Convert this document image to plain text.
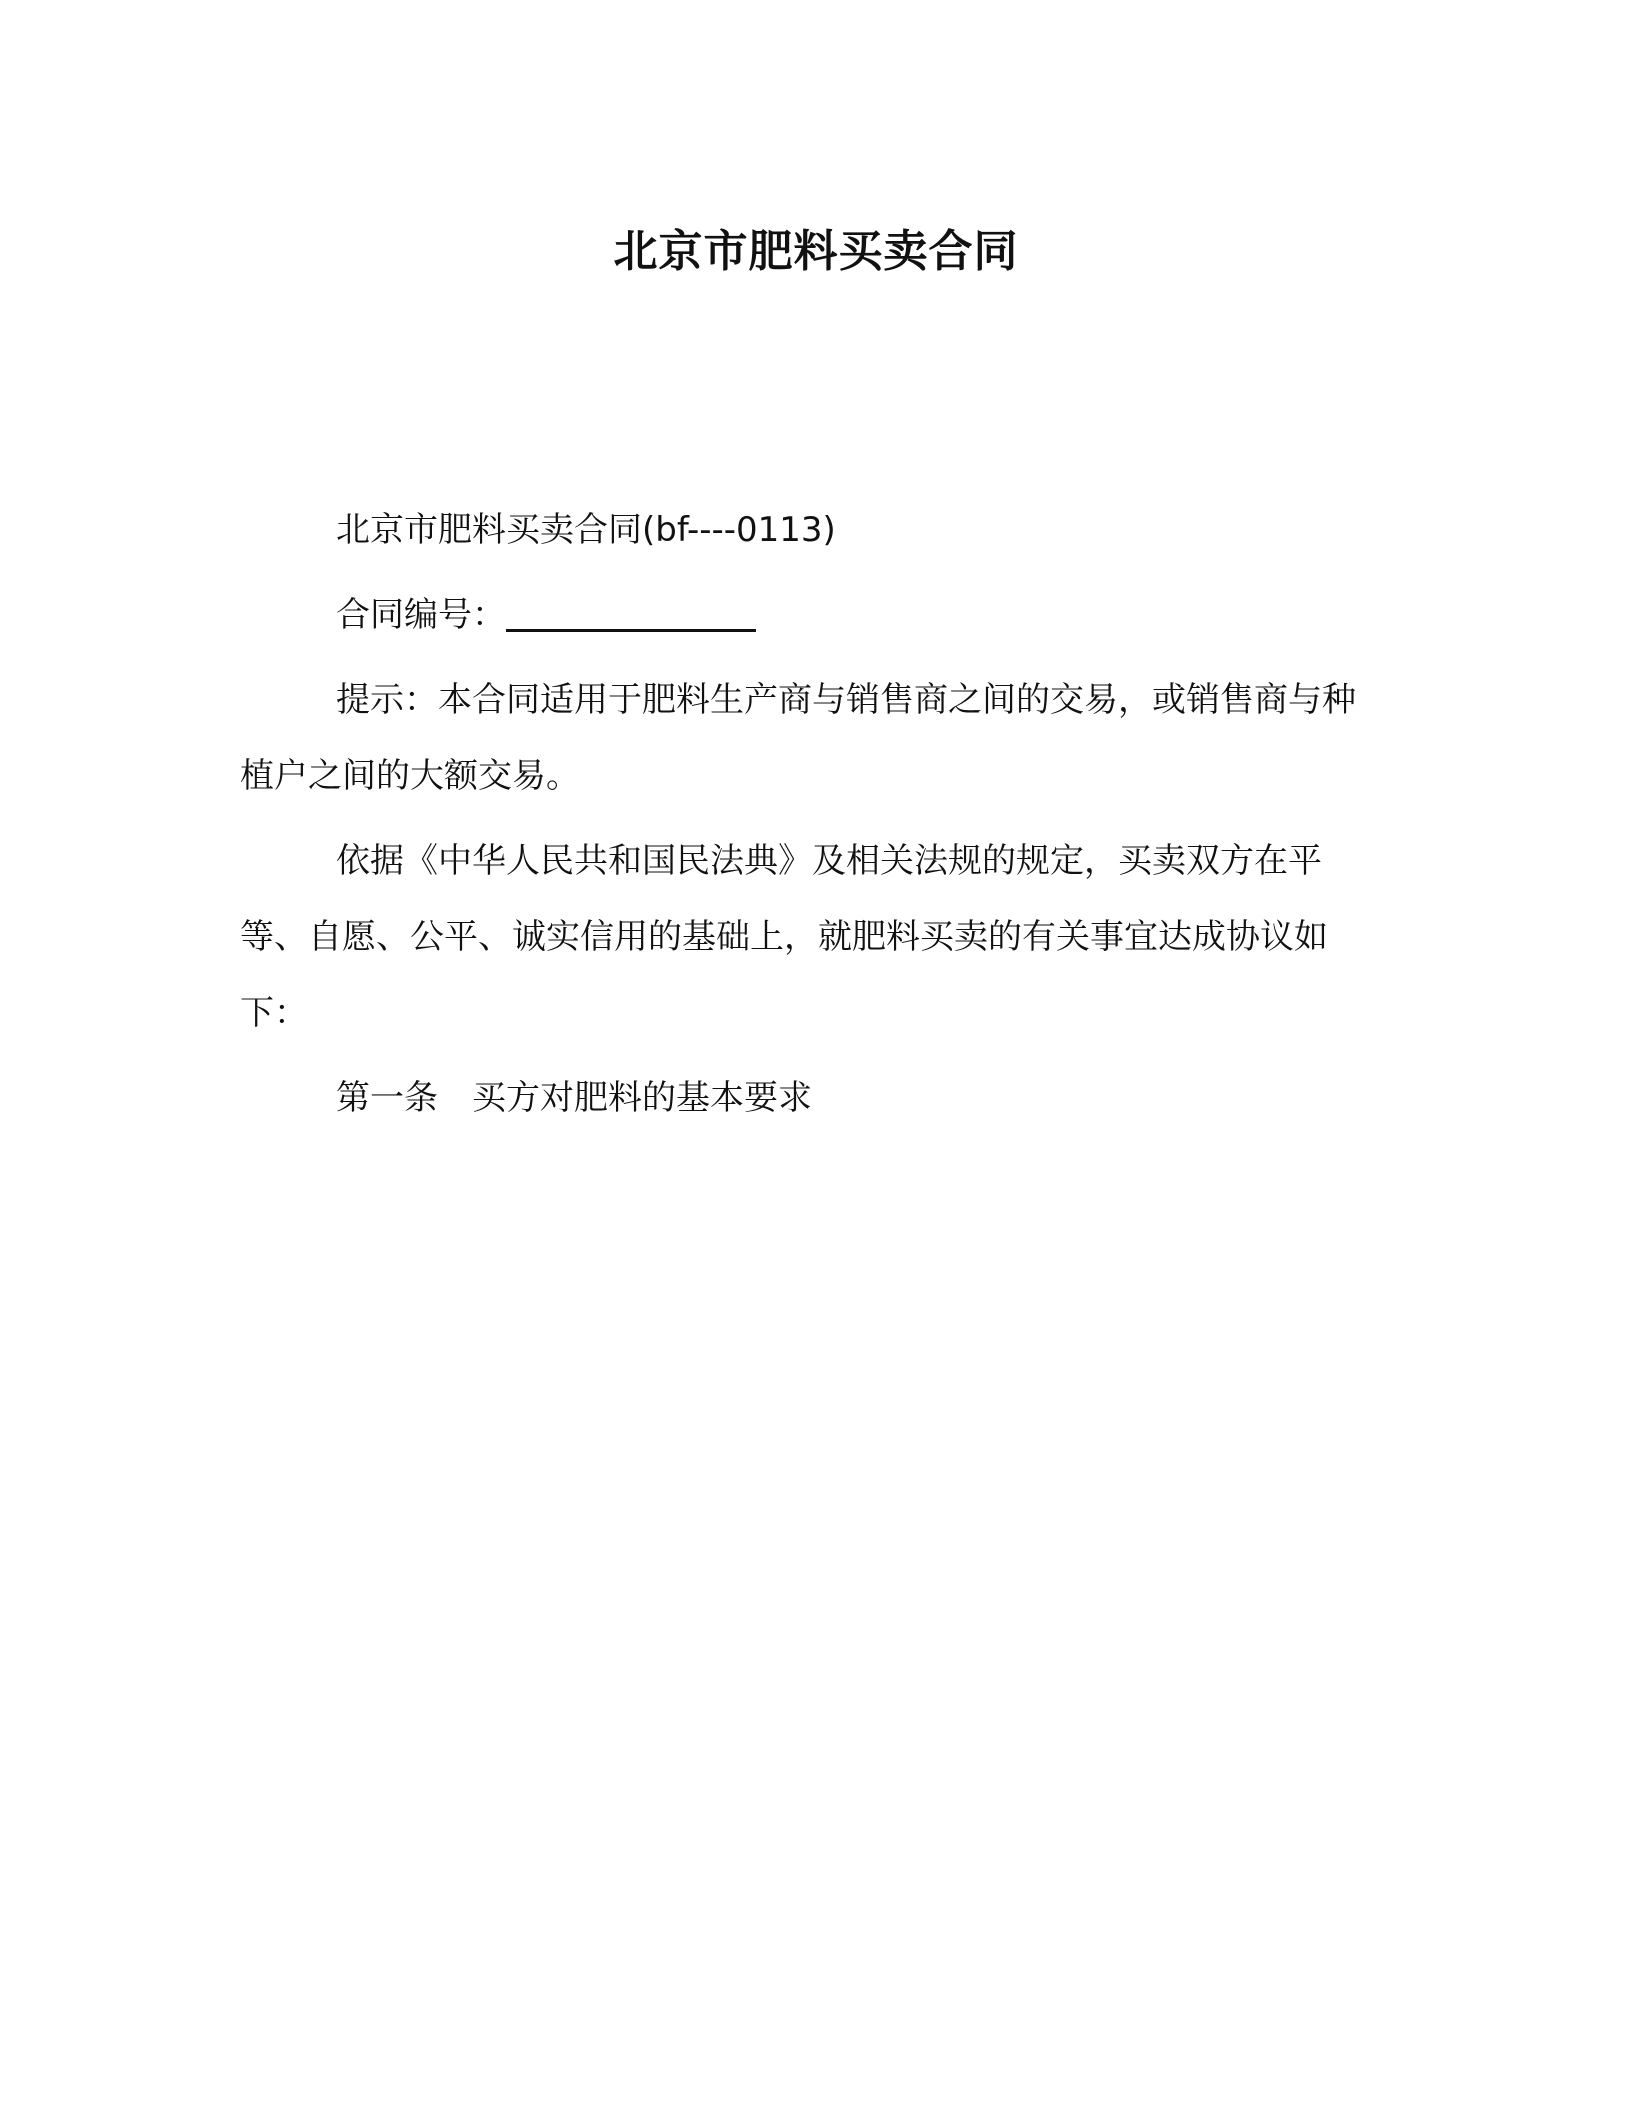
北京市肥料买卖合同

北京市肥料买卖合同(bf----0113)

合同编号：

提示：本合同适用于肥料生产商与销售商之间的交易，或销售商与种植户之间的大额交易。

依据《中华人民共和国民法典》及相关法规的规定，买卖双方在平等、自愿、公平、诚实信用的基础上，就肥料买卖的有关事宜达成协议如下：

第一条 买方对肥料的基本要求
